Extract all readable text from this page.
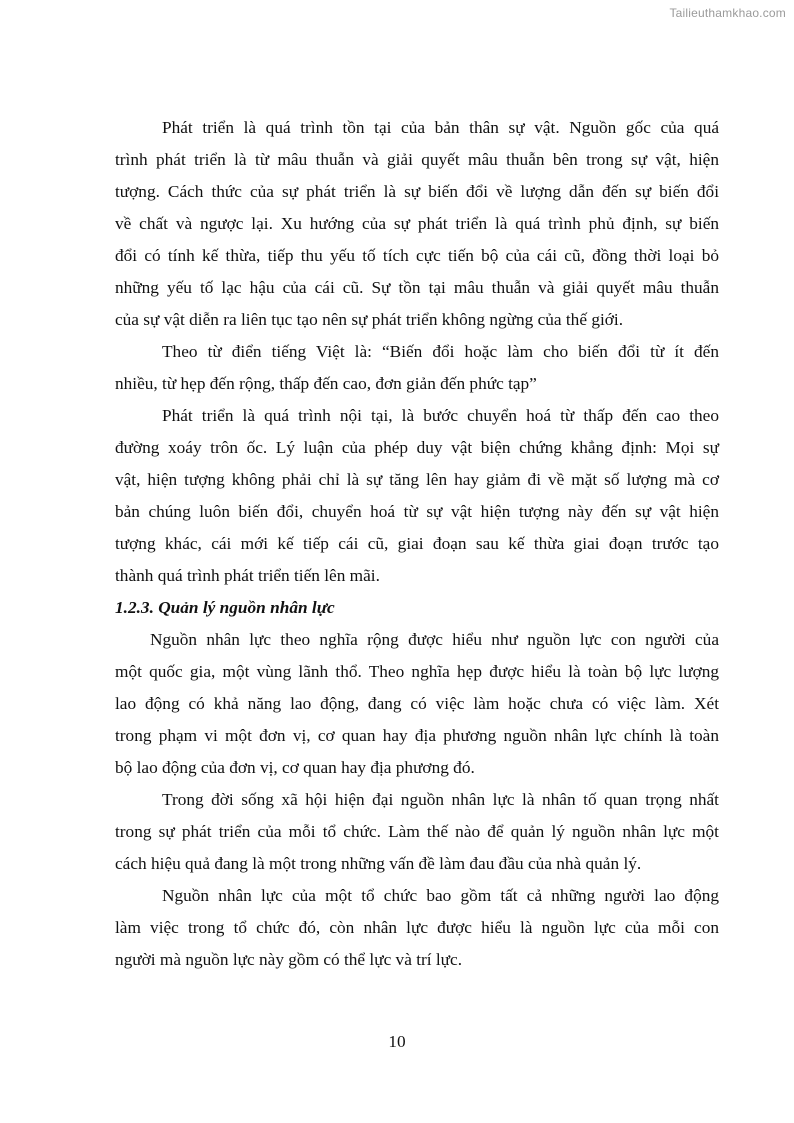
Tailieuthamkhao.com
Phát triển là quá trình tồn tại của bản thân sự vật. Nguồn gốc của quá
trình phát triển là từ mâu thuẫn và giải quyết mâu thuẫn bên trong sự vật, hiện
tượng. Cách thức của sự phát triển là sự biến đổi về lượng dẫn đến sự biến đổi
về chất và ngược lại. Xu hướng của sự phát triển là quá trình phủ định, sự biến
đổi có tính kế thừa, tiếp thu yếu tố tích cực tiến bộ của cái cũ, đồng thời loại bỏ
những yếu tố lạc hậu của cái cũ. Sự tồn tại mâu thuẫn và giải quyết mâu thuẫn
của sự vật diễn ra liên tục tạo nên sự phát triển không ngừng của thế giới.
Theo từ điển tiếng Việt là: “Biến đổi hoặc làm cho biến đổi từ ít đến
nhiều, từ hẹp đến rộng, thấp đến cao, đơn giản đến phức tạp”
Phát triển là quá trình nội tại, là bước chuyển hoá từ thấp đến cao theo
đường xoáy trôn ốc. Lý luận của phép duy vật biện chứng khẳng định: Mọi sự
vật, hiện tượng không phải chỉ là sự tăng lên hay giảm đi về mặt số lượng mà cơ
bản chúng luôn biến đổi, chuyển hoá từ sự vật hiện tượng này đến sự vật hiện
tượng khác, cái mới kế tiếp cái cũ, giai đoạn sau kế thừa giai đoạn trước tạo
thành quá trình phát triển tiến lên mãi.
1.2.3. Quản lý nguồn nhân lực
Nguồn nhân lực theo nghĩa rộng được hiểu như nguồn lực con người của
một quốc gia, một vùng lãnh thổ. Theo nghĩa hẹp được hiểu là toàn bộ lực lượng
lao động có khả năng lao động, đang có việc làm hoặc chưa có việc làm. Xét
trong phạm vi một đơn vị, cơ quan hay địa phương nguồn nhân lực chính là toàn
bộ lao động của đơn vị, cơ quan hay địa phương đó.
Trong đời sống xã hội hiện đại nguồn nhân lực là nhân tố quan trọng nhất
trong sự phát triển của mỗi tổ chức. Làm thế nào để quản lý nguồn nhân lực một
cách hiệu quả đang là một trong những vấn đề làm đau đầu của nhà quản lý.
Nguồn nhân lực của một tổ chức bao gồm tất cả những người lao động
làm việc trong tổ chức đó, còn nhân lực được hiểu là nguồn lực của mỗi con
người mà nguồn lực này gồm có thể lực và trí lực.
10
